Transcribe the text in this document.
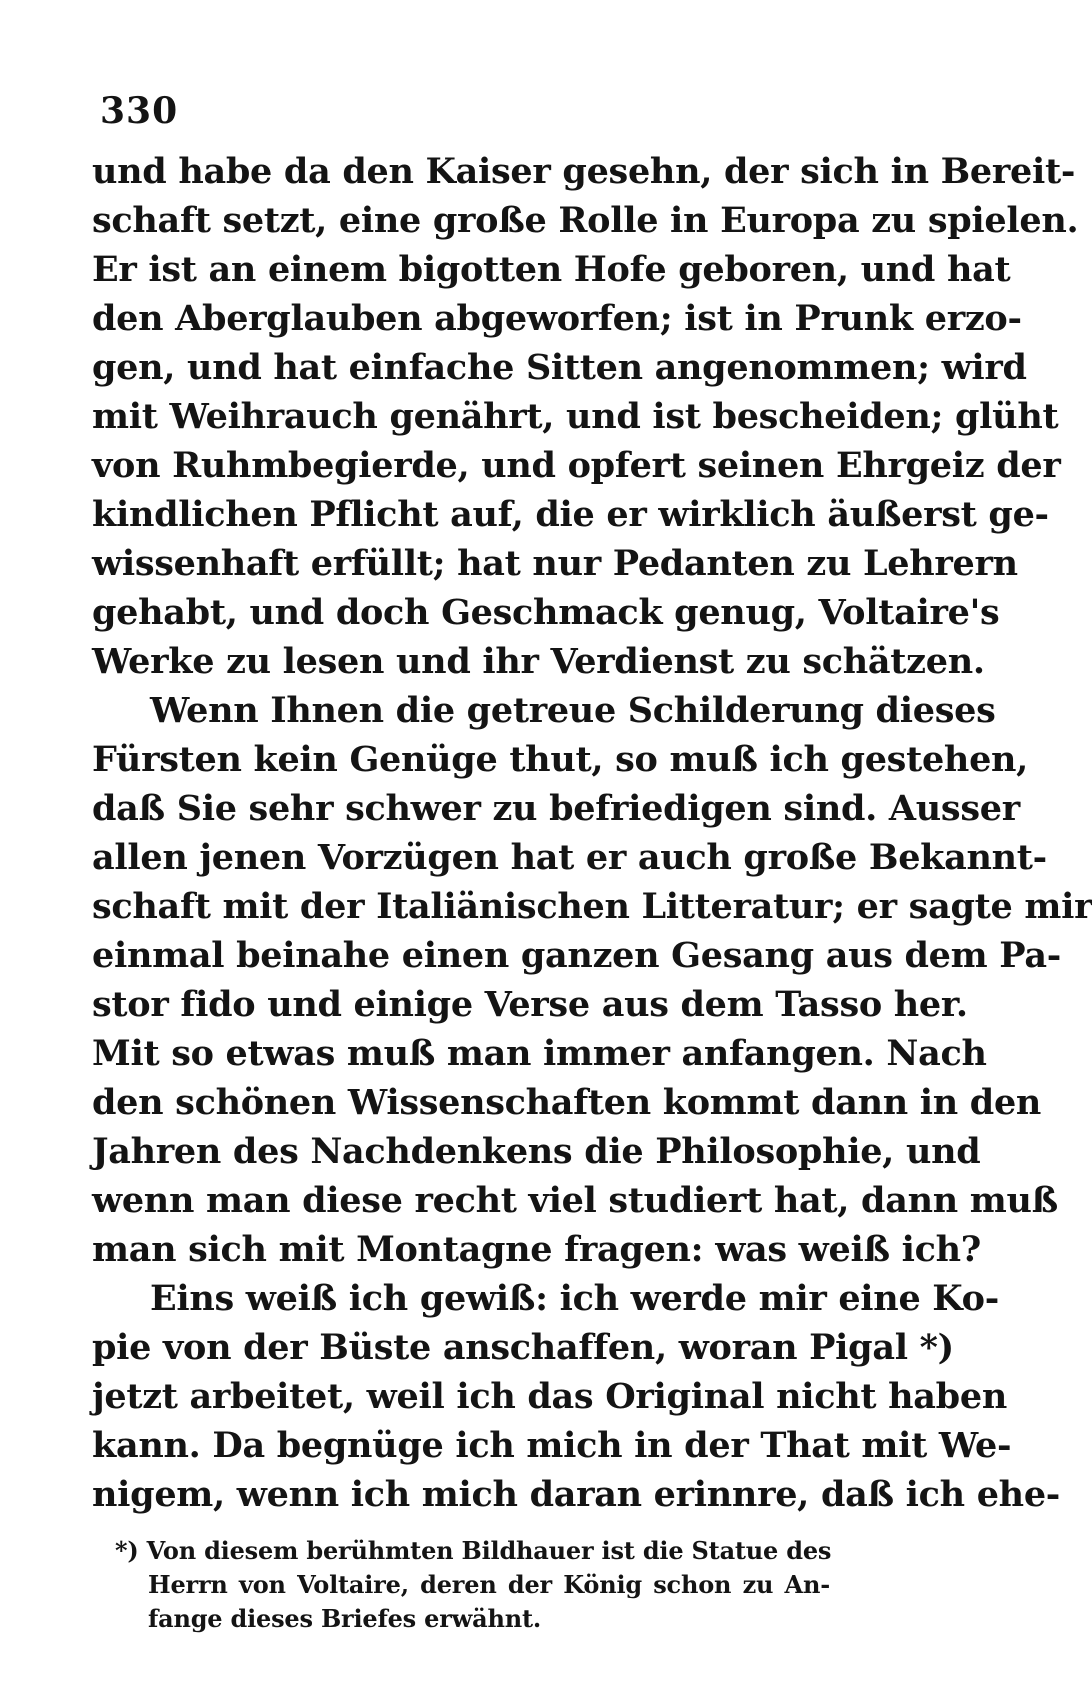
330
und habe da den Kaiser gesehn, der sich in Bereit-
schaft setzt, eine große Rolle in Europa zu spielen.
Er ist an einem bigotten Hofe geboren, und hat
den Aberglauben abgeworfen; ist in Prunk erzo-
gen, und hat einfache Sitten angenommen; wird
mit Weihrauch genährt, und ist bescheiden; glüht
von Ruhmbegierde, und opfert seinen Ehrgeiz der
kindlichen Pflicht auf, die er wirklich äußerst ge-
wissenhaft erfüllt; hat nur Pedanten zu Lehrern
gehabt, und doch Geschmack genug, Voltaire's
Werke zu lesen und ihr Verdienst zu schätzen.
Wenn Ihnen die getreue Schilderung dieses
Fürsten kein Genüge thut, so muß ich gestehen,
daß Sie sehr schwer zu befriedigen sind. Ausser
allen jenen Vorzügen hat er auch große Bekannt-
schaft mit der Italiänischen Litteratur; er sagte mir
einmal beinahe einen ganzen Gesang aus dem Pa-
stor fido und einige Verse aus dem Tasso her.
Mit so etwas muß man immer anfangen. Nach
den schönen Wissenschaften kommt dann in den
Jahren des Nachdenkens die Philosophie, und
wenn man diese recht viel studiert hat, dann muß
man sich mit Montagne fragen: was weiß ich?
Eins weiß ich gewiß: ich werde mir eine Ko-
pie von der Büste anschaffen, woran Pigal *)
jetzt arbeitet, weil ich das Original nicht haben
kann. Da begnüge ich mich in der That mit We-
nigem, wenn ich mich daran erinnre, daß ich ehe-
*) Von diesem berühmten Bildhauer ist die Statue des
Herrn von Voltaire, deren der König schon zu An-
fange dieses Briefes erwähnt.
